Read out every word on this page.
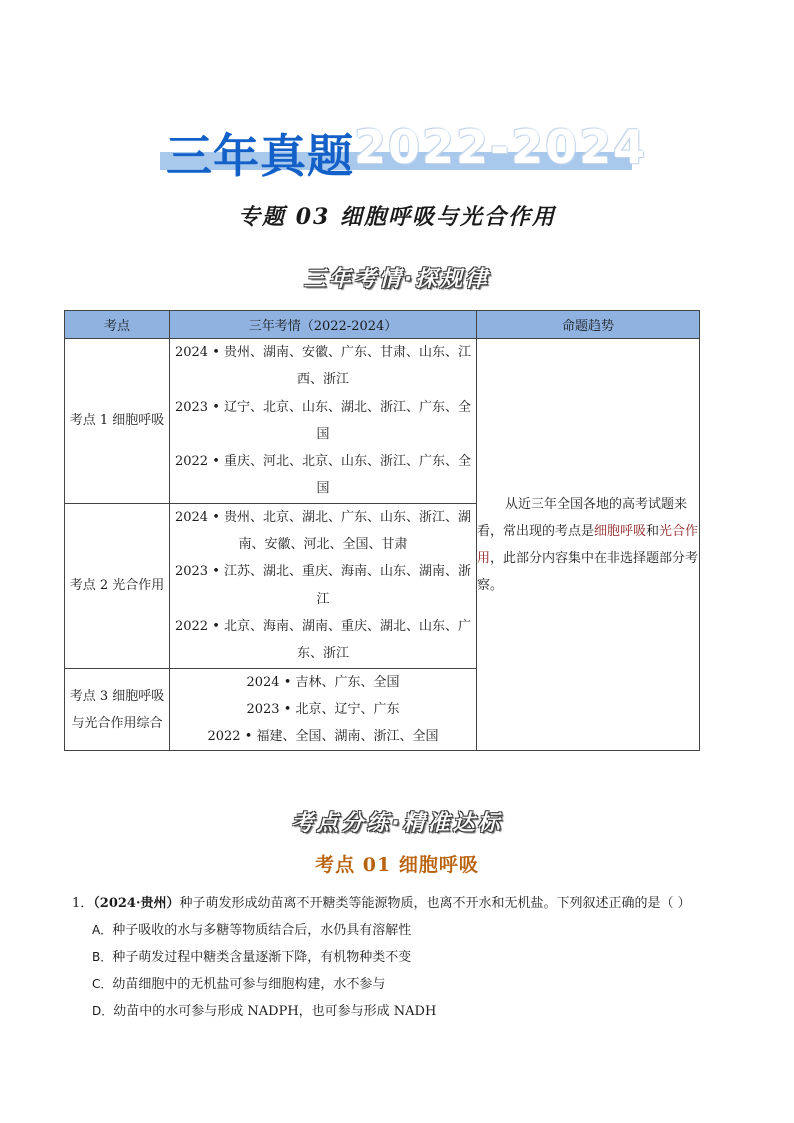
三年真题 2022-2024
专题 03 细胞呼吸与光合作用
三年考情·探规律
考点	三年考情（2022-2024）	命题趋势
考点 1 细胞呼吸	2024 • 贵州、湖南、安徽、广东、甘肃、山东、江西、浙江
2023 • 辽宁、北京、山东、湖北、浙江、广东、全国
2022 • 重庆、河北、北京、山东、浙江、广东、全国	从近三年全国各地的高考试题来看，常出现的考点是细胞呼吸和光合作用，此部分内容集中在非选择题部分考察。
考点 2 光合作用	2024 • 贵州、北京、湖北、广东、山东、浙江、湖南、安徽、河北、全国、甘肃
2023 • 江苏、湖北、重庆、海南、山东、湖南、浙江
2022 • 北京、海南、湖南、重庆、湖北、山东、广东、浙江	

考点 3 细胞呼吸与光合作用综合	2024 • 吉林、广东、全国
2023 • 北京、辽宁、广东
2022 • 福建、全国、湖南、浙江、全国	
考点分练·精准达标
考点 01 细胞呼吸
1．（2024·贵州）种子萌发形成幼苗离不开糖类等能源物质，也离不开水和无机盐。下列叙述正确的是（ ）
A．种子吸收的水与多糖等物质结合后，水仍具有溶解性
B．种子萌发过程中糖类含量逐渐下降，有机物种类不变
C．幼苗细胞中的无机盐可参与细胞构建，水不参与
D．幼苗中的水可参与形成 NADPH，也可参与形成 NADH
